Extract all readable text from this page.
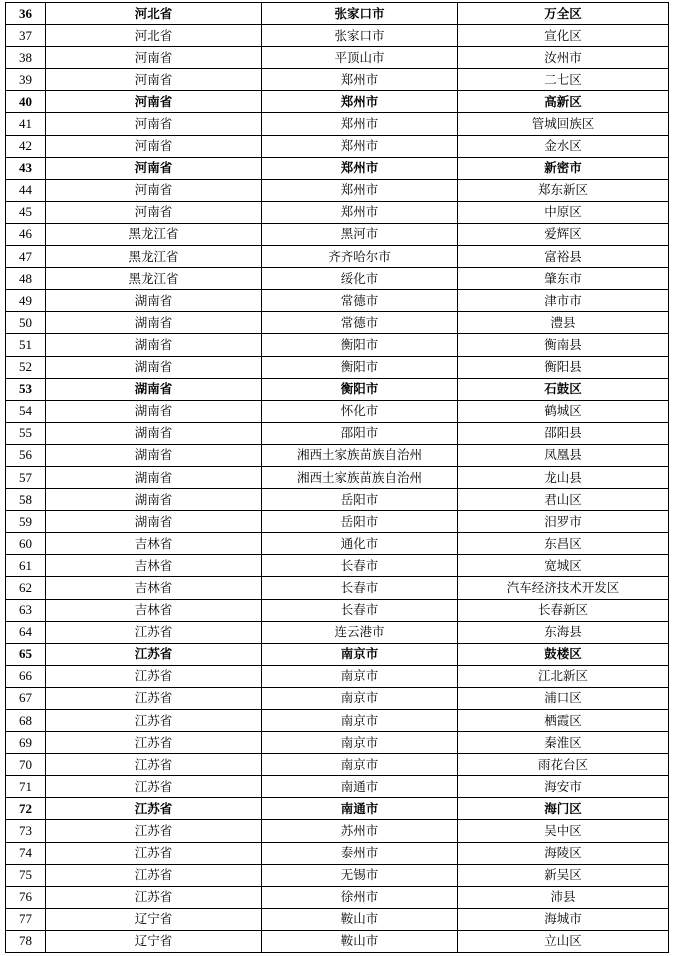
36	河北省	张家口市	万全区
37	河北省	张家口市	宣化区
38	河南省	平顶山市	汝州市
39	河南省	郑州市	二七区
40	河南省	郑州市	高新区
41	河南省	郑州市	管城回族区
42	河南省	郑州市	金水区
43	河南省	郑州市	新密市
44	河南省	郑州市	郑东新区
45	河南省	郑州市	中原区
46	黑龙江省	黑河市	爱辉区
47	黑龙江省	齐齐哈尔市	富裕县
48	黑龙江省	绥化市	肇东市
49	湖南省	常德市	津市市
50	湖南省	常德市	澧县
51	湖南省	衡阳市	衡南县
52	湖南省	衡阳市	衡阳县
53	湖南省	衡阳市	石鼓区
54	湖南省	怀化市	鹤城区
55	湖南省	邵阳市	邵阳县
56	湖南省	湘西土家族苗族自治州	凤凰县
57	湖南省	湘西土家族苗族自治州	龙山县
58	湖南省	岳阳市	君山区
59	湖南省	岳阳市	汨罗市
60	吉林省	通化市	东昌区
61	吉林省	长春市	宽城区
62	吉林省	长春市	汽车经济技术开发区
63	吉林省	长春市	长春新区
64	江苏省	连云港市	东海县
65	江苏省	南京市	鼓楼区
66	江苏省	南京市	江北新区
67	江苏省	南京市	浦口区
68	江苏省	南京市	栖霞区
69	江苏省	南京市	秦淮区
70	江苏省	南京市	雨花台区
71	江苏省	南通市	海安市
72	江苏省	南通市	海门区
73	江苏省	苏州市	吴中区
74	江苏省	泰州市	海陵区
75	江苏省	无锡市	新吴区
76	江苏省	徐州市	沛县
77	辽宁省	鞍山市	海城市
78	辽宁省	鞍山市	立山区
